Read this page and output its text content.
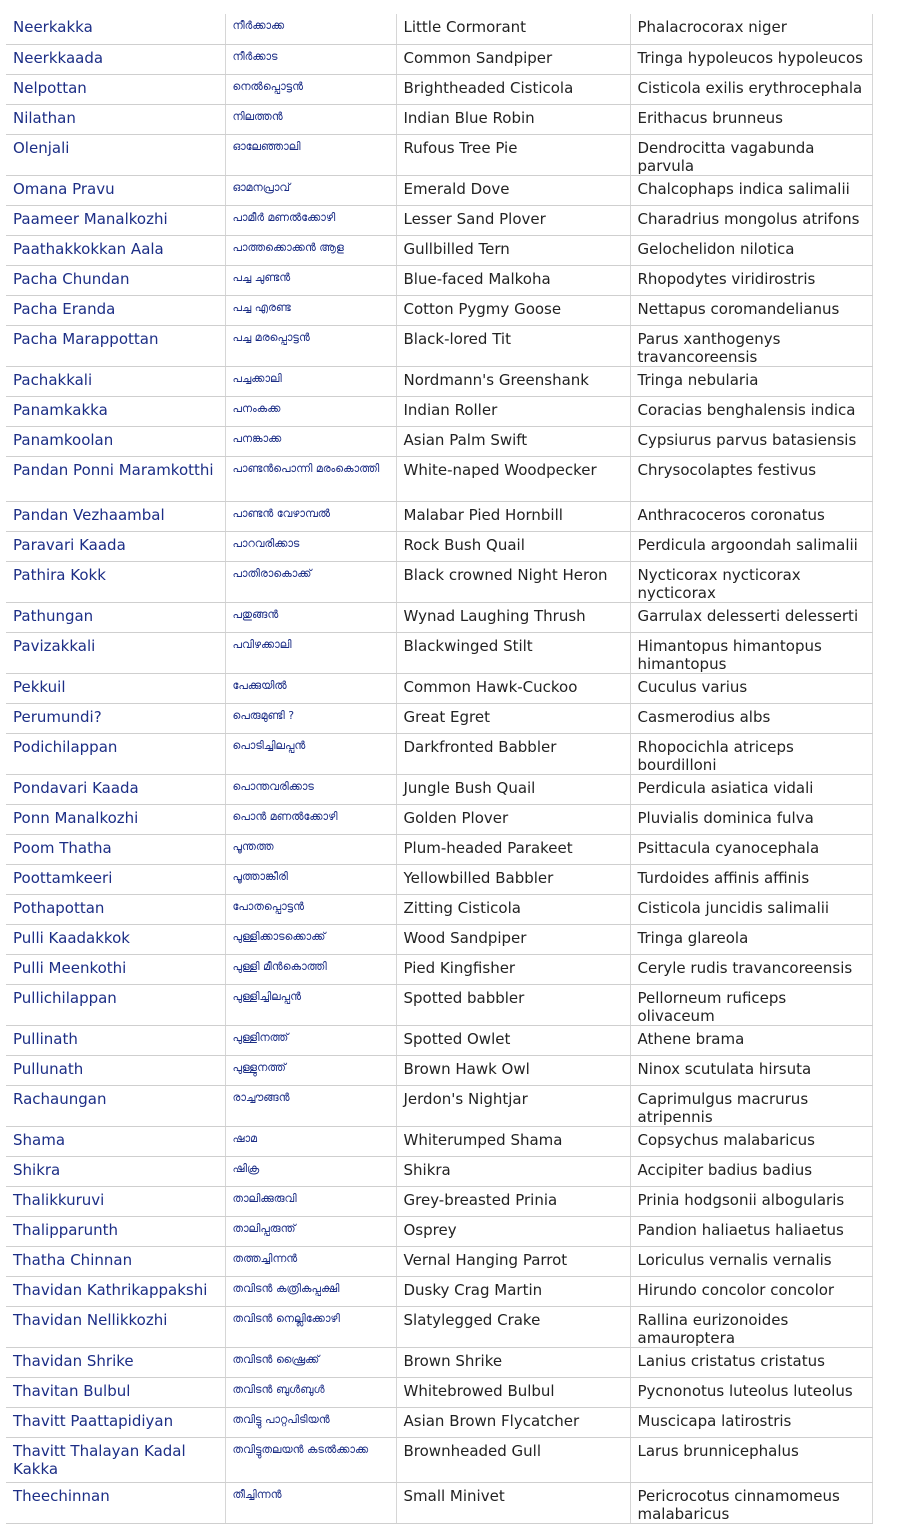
Neerkakka	നീർക്കാക്ക	Little Cormorant	Phalacrocorax niger
Neerkkaada	നീർക്കാട	Common Sandpiper	Tringa hypoleucos hypoleucos
Nelpottan	നെൽപ്പൊട്ടൻ	Brightheaded Cisticola	Cisticola exilis erythrocephala
Nilathan	നിലത്തൻ	Indian Blue Robin	Erithacus brunneus
Olenjali	ഓലേഞ്ഞാലി	Rufous Tree Pie	Dendrocitta vagabunda parvula
Omana Pravu	ഓമനപ്രാവ്	Emerald Dove	Chalcophaps indica salimalii
Paameer Manalkozhi	പാമീർ മണൽക്കോഴി	Lesser Sand Plover	Charadrius mongolus atrifons
Paathakkokkan Aala	പാത്തക്കൊക്കൻ ആള	Gullbilled Tern	Gelochelidon nilotica
Pacha Chundan	പച്ച ചുണ്ടൻ	Blue-faced Malkoha	Rhopodytes viridirostris
Pacha Eranda	പച്ച എരണ്ട	Cotton Pygmy Goose	Nettapus coromandelianus
Pacha Marappottan	പച്ച മരപ്പൊട്ടൻ	Black-lored Tit	Parus xanthogenys travancoreensis
Pachakkali	പച്ചക്കാലി	Nordmann's Greenshank	Tringa nebularia
Panamkakka	പനംകക്ക	Indian Roller	Coracias benghalensis indica
Panamkoolan	പനങ്കാക്ക	Asian Palm Swift	Cypsiurus parvus batasiensis
Pandan Ponni Maramkotthi	പാണ്ടൻപൊന്നി മരംകൊത്തി	White-naped Woodpecker	Chrysocolaptes festivus
Pandan Vezhaambal	പാണ്ടൻ വേഴാമ്പൽ	Malabar Pied Hornbill	Anthracoceros coronatus
Paravari Kaada	പാറവരിക്കാട	Rock Bush Quail	Perdicula argoondah salimalii
Pathira Kokk	പാതിരാകൊക്ക്	Black crowned Night Heron	Nycticorax nycticorax nycticorax
Pathungan	പതുങ്ങൻ	Wynad Laughing Thrush	Garrulax delesserti delesserti
Pavizakkali	പവിഴക്കാലി	Blackwinged Stilt	Himantopus himantopus himantopus
Pekkuil	പേക്കുയിൽ	Common Hawk-Cuckoo	Cuculus varius
Perumundi?	പെരുമുണ്ടി ?	Great Egret	Casmerodius albs
Podichilappan	പൊടിച്ചിലപ്പൻ	Darkfronted Babbler	Rhopocichla atriceps bourdilloni
Pondavari Kaada	പൊന്തവരിക്കാട	Jungle Bush Quail	Perdicula asiatica vidali
Ponn Manalkozhi	പൊൻ മണൽക്കോഴി	Golden Plover	Pluvialis dominica fulva
Poom Thatha	പൂന്തത്ത	Plum-headed Parakeet	Psittacula cyanocephala
Poottamkeeri	പൂത്താങ്കീരി	Yellowbilled Babbler	Turdoides affinis affinis
Pothapottan	പോതപ്പൊട്ടൻ	Zitting Cisticola	Cisticola juncidis salimalii
Pulli Kaadakkok	പുള്ളിക്കാടക്കൊക്ക്	Wood Sandpiper	Tringa glareola
Pulli Meenkothi	പുള്ളി മീൻകൊത്തി	Pied Kingfisher	Ceryle rudis travancoreensis
Pullichilappan	പുള്ളിച്ചിലപ്പൻ	Spotted babbler	Pellorneum ruficeps olivaceum
Pullinath	പുള്ളിനത്ത്	Spotted Owlet	Athene brama
Pullunath	പുള്ളുനത്ത്	Brown Hawk Owl	Ninox scutulata hirsuta
Rachaungan	രാച്ചൗങ്ങൻ	Jerdon's Nightjar	Caprimulgus macrurus atripennis
Shama	ഷാമ	Whiterumped Shama	Copsychus malabaricus
Shikra	ഷിക്ര	Shikra	Accipiter badius badius
Thalikkuruvi	താലിക്കുരുവി	Grey-breasted Prinia	Prinia hodgsonii albogularis
Thalipparunth	താലിപ്പരുന്ത്	Osprey	Pandion haliaetus haliaetus
Thatha Chinnan	തത്തച്ചിന്നൻ	Vernal Hanging Parrot	Loriculus vernalis vernalis
Thavidan Kathrikappakshi	തവിടൻ കത്രികപ്പക്ഷി	Dusky Crag Martin	Hirundo concolor concolor
Thavidan Nellikkozhi	തവിടൻ നെല്ലിക്കോഴി	Slatylegged Crake	Rallina eurizonoides amauroptera
Thavidan Shrike	തവിടൻ ഷ്രൈക്ക്	Brown Shrike	Lanius cristatus cristatus
Thavitan Bulbul	തവിടൻ ബുൾബുൾ	Whitebrowed Bulbul	Pycnonotus luteolus luteolus
Thavitt Paattapidiyan	തവിട്ടു പാറ്റപിടിയൻ	Asian Brown Flycatcher	Muscicapa latirostris
Thavitt Thalayan Kadal Kakka	തവിട്ടുതലയൻ കടൽക്കാക്ക	Brownheaded Gull	Larus brunnicephalus
Theechinnan	തീച്ചിന്നൻ	Small Minivet	Pericrocotus cinnamomeus malabaricus
